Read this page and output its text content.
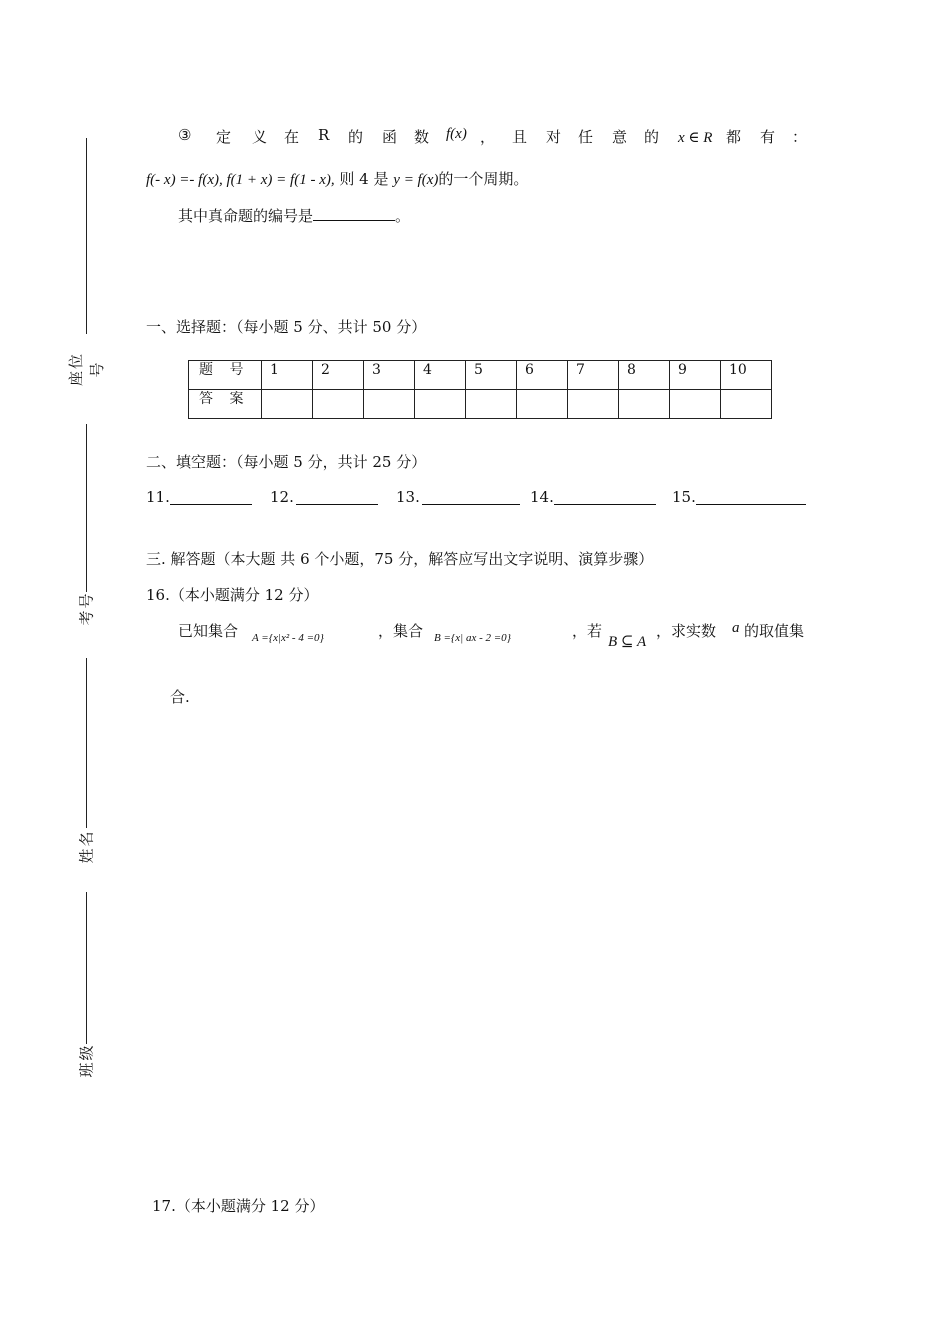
座位号
考号
姓名
班级
③ 定 义 在 R 的 函 数 f(x) ， 且 对 任 意 的 x ∈ R 都 有 ：
f(- x) =- f(x), f(1 + x) = f(1 - x), 则 4 是 y = f(x)的一个周期。
其中真命题的编号是	。
一、选择题：（每小题 5 分、共计 50 分）
题 号	1	2	3	4	5	6	7	8	9	10
答 案										
二、填空题：（每小题 5 分，共计 25 分）
11.	12.	13.	14.	15.
三. 解答题（本大题 共 6 个小题，75 分，解答应写出文字说明、演算步骤）
16.（本小题满分 12 分）
已知集合 A ={x|x² - 4 =0}	，集合 B ={x| ax - 2 =0}	，若
B ⊆ A
，求实数 a 的取值集
合.
17.（本小题满分 12 分）
